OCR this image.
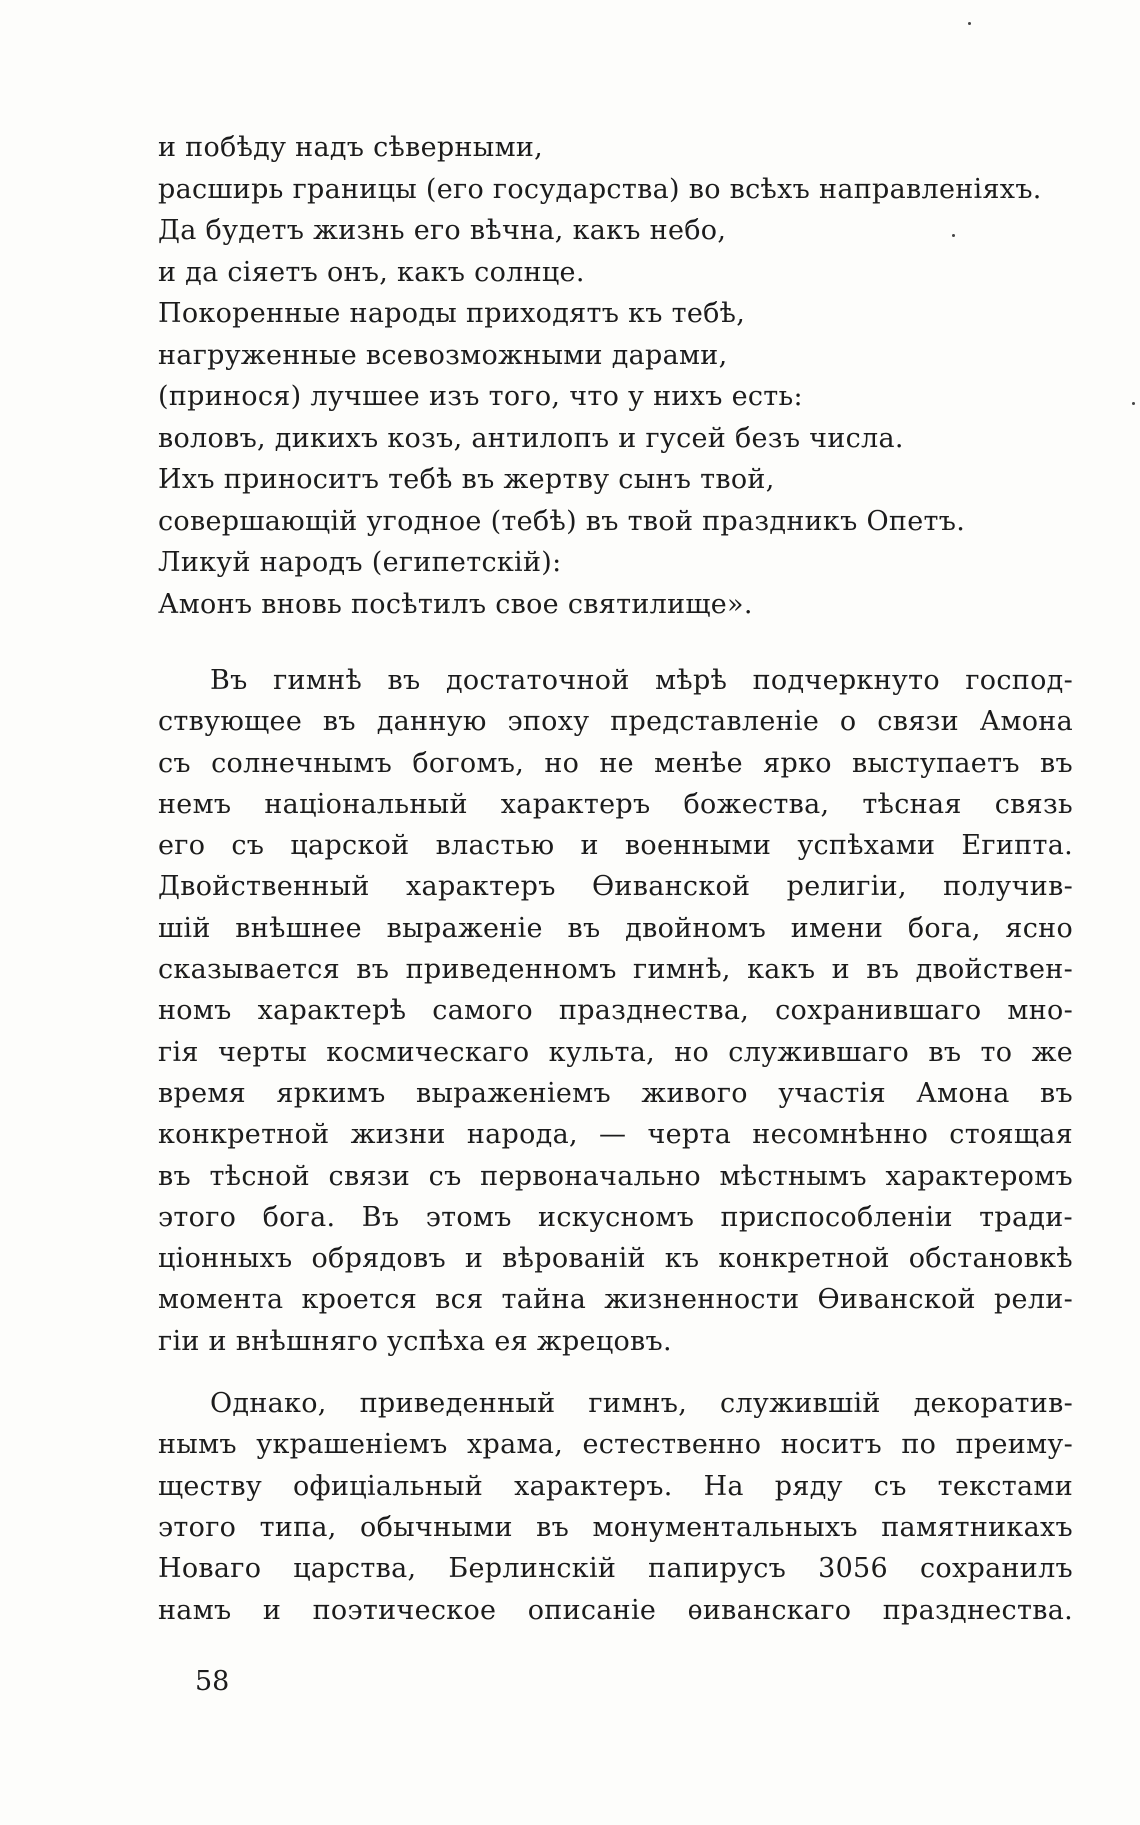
и побѣду надъ сѣверными,
расширь границы (его государства) во всѣхъ направленіяхъ.
Да будетъ жизнь его вѣчна, какъ небо,
и да сіяетъ онъ, какъ солнце.
Покоренные народы приходятъ къ тебѣ,
нагруженные всевозможными дарами,
(принося) лучшее изъ того, что у нихъ есть:
воловъ, дикихъ козъ, антилопъ и гусей безъ числа.
Ихъ приноситъ тебѣ въ жертву сынъ твой,
совершающій угодное (тебѣ) въ твой праздникъ Опетъ.
Ликуй народъ (египетскій):
Амонъ вновь посѣтилъ свое святилище».
Въ гимнѣ въ достаточной мѣрѣ подчеркнуто господ-
ствующее въ данную эпоху представленіе о связи Амона
съ солнечнымъ богомъ, но не менѣе ярко выступаетъ въ
немъ національный характеръ божества, тѣсная связь
его съ царской властью и военными успѣхами Египта.
Двойственный характеръ Ѳиванской религіи, получив-
шій внѣшнее выраженіе въ двойномъ имени бога, ясно
сказывается въ приведенномъ гимнѣ, какъ и въ двойствен-
номъ характерѣ самого празднества, сохранившаго мно-
гія черты космическаго культа, но служившаго въ то же
время яркимъ выраженіемъ живого участія Амона въ
конкретной жизни народа, — черта несомнѣнно стоящая
въ тѣсной связи съ первоначально мѣстнымъ характеромъ
этого бога. Въ этомъ искусномъ приспособленіи тради-
ціонныхъ обрядовъ и вѣрованій къ конкретной обстановкѣ
момента кроется вся тайна жизненности Ѳиванской рели-
гіи и внѣшняго успѣха ея жрецовъ.
Однако, приведенный гимнъ, служившій декоратив-
нымъ украшеніемъ храма, естественно носитъ по преиму-
ществу офиціальный характеръ. На ряду съ текстами
этого типа, обычными въ монументальныхъ памятникахъ
Новаго царства, Берлинскій папирусъ 3056 сохранилъ
намъ и поэтическое описаніе ѳиванскаго празднества.
58
